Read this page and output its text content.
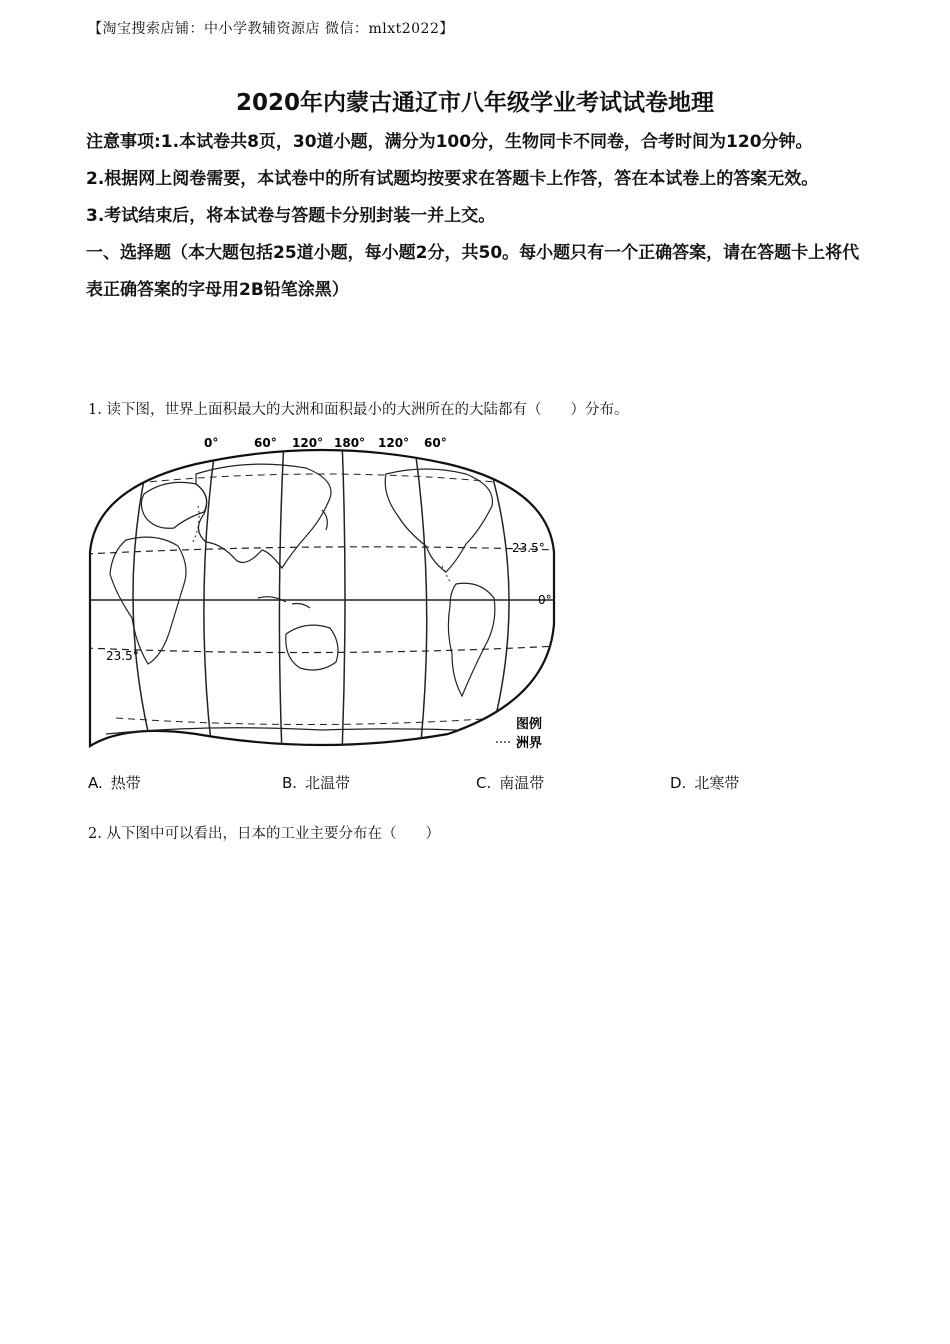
【淘宝搜索店铺：中小学教辅资源店 微信：mlxt2022】
2020年内蒙古通辽市八年级学业考试试卷地理

注意事项:1.本试卷共8页，30道小题，满分为100分，生物同卡不同卷，合考时间为120分钟。

2.根据网上阅卷需要，本试卷中的所有试题均按要求在答题卡上作答，答在本试卷上的答案无效。

3.考试结束后，将本试卷与答题卡分别封装一并上交。

一、选择题（本大题包括25道小题，每小题2分，共50。每小题只有一个正确答案，请在答题卡上将代表正确答案的字母用2B铅笔涂黑）

1. 读下图，世界上面积最大的大洲和面积最小的大洲所在的大陆都有（　　）分布。
0°	60° 120° 180° 120° 60°
23.5°
0°
23.5°
图例
洲界
A. 热带	B. 北温带	C. 南温带	D. 北寒带
2. 从下图中可以看出，日本的工业主要分布在（　　）
